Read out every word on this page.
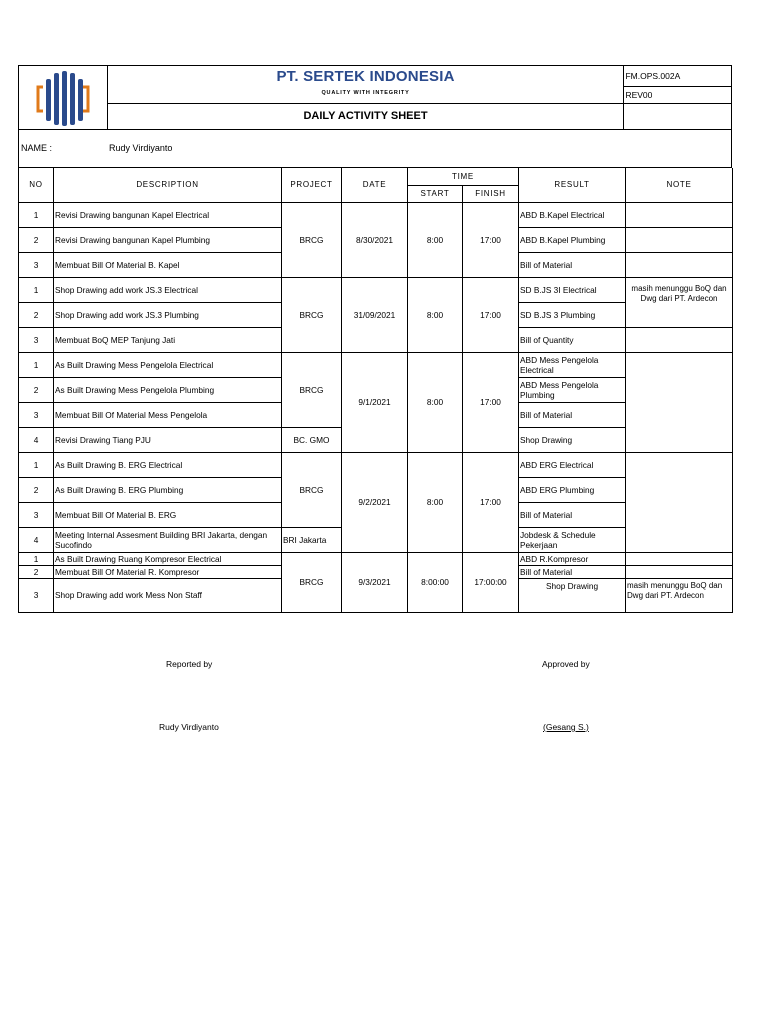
PT. SERTEK INDONESIA
QUALITY WITH INTEGRITY
DAILY ACTIVITY SHEET
FM.OPS.002A
REV00
NAME :	Rudy Virdiyanto
NO	DESCRIPTION	PROJECT	DATE	TIME		RESULT	NOTE
				START	FINISH		
1	Revisi Drawing bangunan Kapel Electrical	BRCG	8/30/2021	8:00	17:00	ABD B.Kapel Electrical	
2	Revisi Drawing bangunan Kapel Plumbing					ABD B.Kapel Plumbing	
3	Membuat Bill Of Material B. Kapel					Bill of Material	
1	Shop Drawing add work JS.3 Electrical	BRCG	31/09/2021	8:00	17:00	SD B.JS 3I Electrical	masih menunggu BoQ dan Dwg dari PT. Ardecon
2	Shop Drawing add work JS.3 Plumbing					SD B.JS 3 Plumbing	
3	Membuat BoQ MEP Tanjung Jati					Bill of Quantity	
1	As Built Drawing Mess Pengelola Electrical	BRCG	9/1/2021	8:00	17:00	ABD Mess Pengelola Electrical	
2	As Built Drawing Mess Pengelola Plumbing					ABD Mess Pengelola Plumbing	
3	Membuat Bill Of Material Mess Pengelola					Bill of Material	
4	Revisi Drawing Tiang PJU	BC. GMO				Shop Drawing	
1	As Built Drawing B. ERG Electrical	BRCG	9/2/2021	8:00	17:00	ABD ERG Electrical	
2	As Built Drawing B. ERG Plumbing					ABD ERG Plumbing	
3	Membuat Bill Of Material B. ERG					Bill of Material	
4	Meeting Internal Assesment Building BRI Jakarta, dengan Sucofindo	BRI Jakarta				Jobdesk & Schedule Pekerjaan	
1	As Built Drawing Ruang Kompresor Electrical	BRCG	9/3/2021	8:00:00	17:00:00	ABD R.Kompresor	
2	Membuat Bill Of Material R. Kompresor					Bill of Material	
3	Shop Drawing add work Mess Non Staff					Shop Drawing	masih menunggu BoQ dan Dwg dari PT. Ardecon
Reported by	Approved by
Rudy Virdiyanto	(Gesang S.)
